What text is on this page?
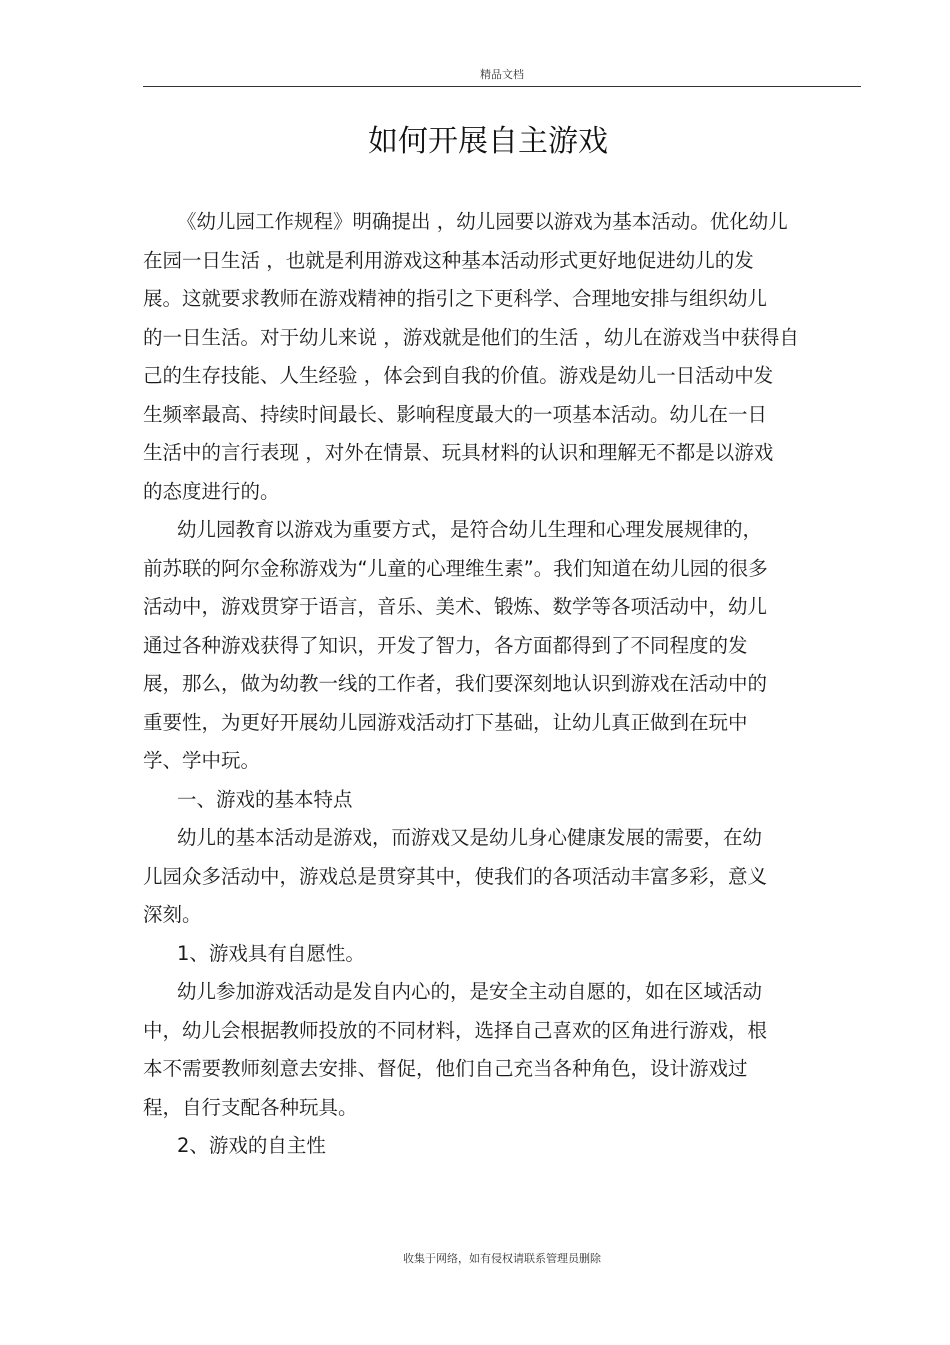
精品文档
如何开展自主游戏
《幼儿园工作规程》明确提出 ，幼儿园要以游戏为基本活动。优化幼儿
在园一日生活 ，也就是利用游戏这种基本活动形式更好地促进幼儿的发
展。这就要求教师在游戏精神的指引之下更科学、合理地安排与组织幼儿
的一日生活。对于幼儿来说 ，游戏就是他们的生活 ，幼儿在游戏当中获得自
己的生存技能、人生经验 ，体会到自我的价值。游戏是幼儿一日活动中发
生频率最高、持续时间最长、影响程度最大的一项基本活动。幼儿在一日
生活中的言行表现 ，对外在情景、玩具材料的认识和理解无不都是以游戏
的态度进行的。
幼儿园教育以游戏为重要方式，是符合幼儿生理和心理发展规律的，
前苏联的阿尔金称游戏为“儿童的心理维生素”。我们知道在幼儿园的很多
活动中，游戏贯穿于语言，音乐、美术、锻炼、数学等各项活动中，幼儿
通过各种游戏获得了知识，开发了智力，各方面都得到了不同程度的发
展，那么，做为幼教一线的工作者，我们要深刻地认识到游戏在活动中的
重要性，为更好开展幼儿园游戏活动打下基础，让幼儿真正做到在玩中
学、学中玩。
一、游戏的基本特点
幼儿的基本活动是游戏，而游戏又是幼儿身心健康发展的需要，在幼
儿园众多活动中，游戏总是贯穿其中，使我们的各项活动丰富多彩，意义
深刻。
1、游戏具有自愿性。
幼儿参加游戏活动是发自内心的，是安全主动自愿的，如在区域活动
中，幼儿会根据教师投放的不同材料，选择自己喜欢的区角进行游戏，根
本不需要教师刻意去安排、督促，他们自己充当各种角色，设计游戏过
程，自行支配各种玩具。
2、游戏的自主性
收集于网络，如有侵权请联系管理员删除
